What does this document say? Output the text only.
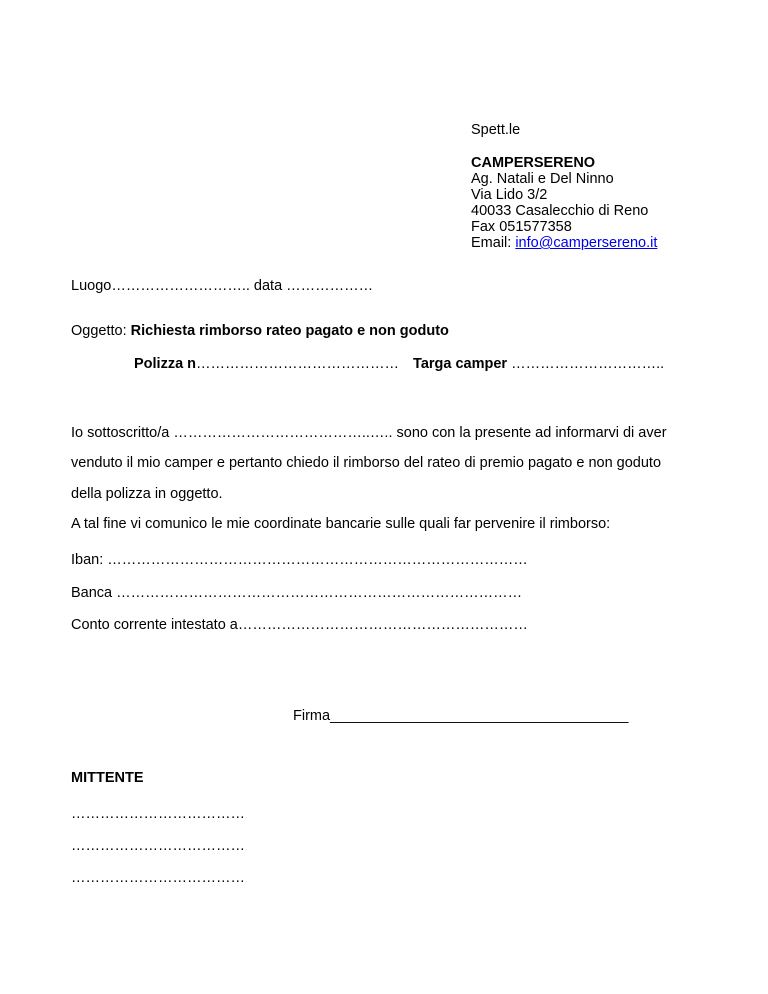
Spett.le
CAMPERSERENO
Ag. Natali e Del Ninno
Via Lido 3/2
40033 Casalecchio di Reno
Fax 051577358
Email: info@campersereno.it
Luogo……………………….. data ………………
Oggetto: Richiesta rimborso rateo pagato e non goduto
Polizza n…………………………………… Targa camper …………………………..
Io sottoscritto/a …………………………………..….. sono con la presente ad informarvi di aver
venduto il mio camper e pertanto chiedo il rimborso del rateo di premio pagato e non goduto
della polizza in oggetto.
A tal fine vi comunico le mie coordinate bancarie sulle quali far pervenire il rimborso:
Iban: ……………………………………………………………………………
Banca …………………………………………………………………………
Conto corrente intestato a……………………………………………………
Firma_____________________________________
MITTENTE
………………………………
………………………………
………………………………
